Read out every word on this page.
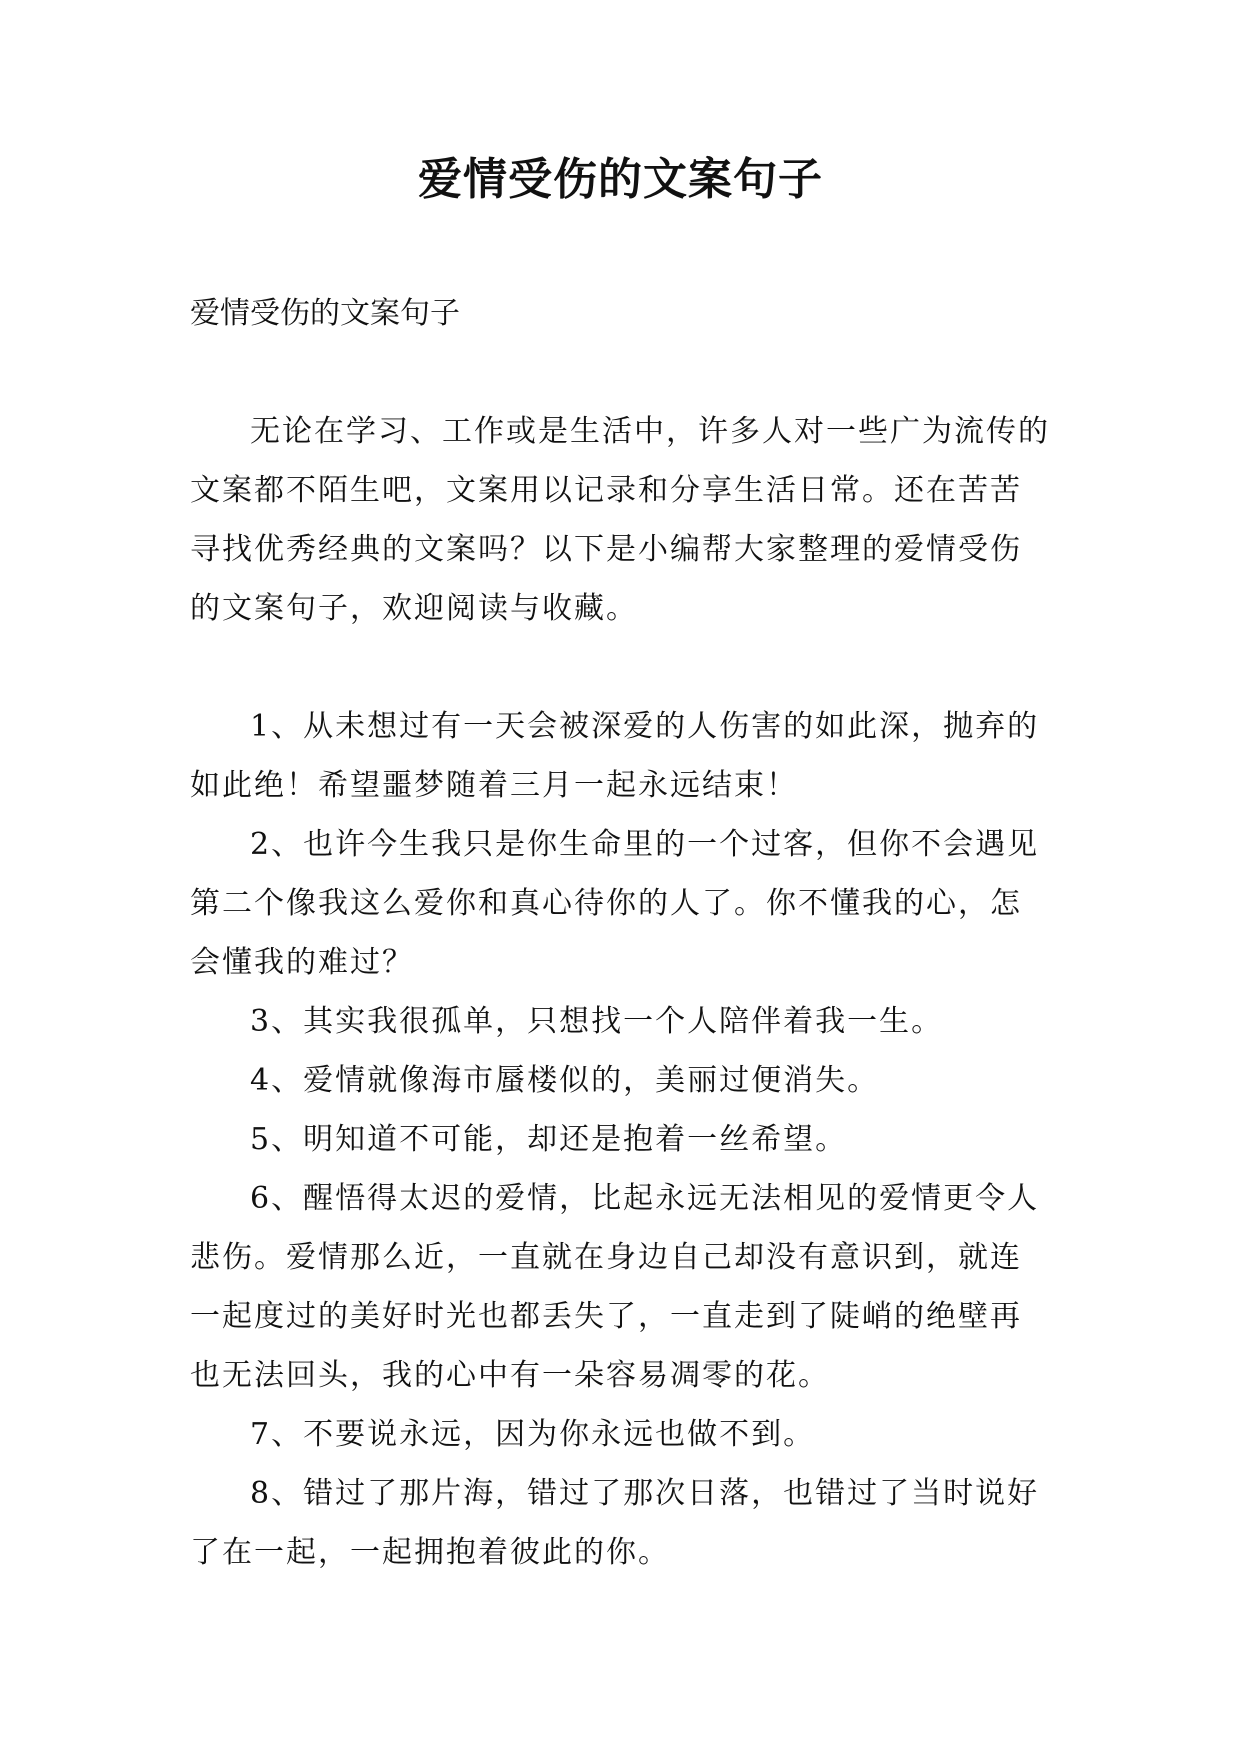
爱情受伤的文案句子

爱情受伤的文案句子

无论在学习、工作或是生活中，许多人对一些广为流传的文案都不陌生吧，文案用以记录和分享生活日常。还在苦苦寻找优秀经典的文案吗？以下是小编帮大家整理的爱情受伤的文案句子，欢迎阅读与收藏。

1、从未想过有一天会被深爱的人伤害的如此深，抛弃的如此绝！希望噩梦随着三月一起永远结束！

2、也许今生我只是你生命里的一个过客，但你不会遇见第二个像我这么爱你和真心待你的人了。你不懂我的心，怎会懂我的难过？

3、其实我很孤单，只想找一个人陪伴着我一生。

4、爱情就像海市蜃楼似的，美丽过便消失。

5、明知道不可能，却还是抱着一丝希望。

6、醒悟得太迟的爱情，比起永远无法相见的爱情更令人悲伤。爱情那么近，一直就在身边自己却没有意识到，就连一起度过的美好时光也都丢失了，一直走到了陡峭的绝壁再也无法回头，我的心中有一朵容易凋零的花。

7、不要说永远，因为你永远也做不到。

8、错过了那片海，错过了那次日落，也错过了当时说好了在一起，一起拥抱着彼此的你。
